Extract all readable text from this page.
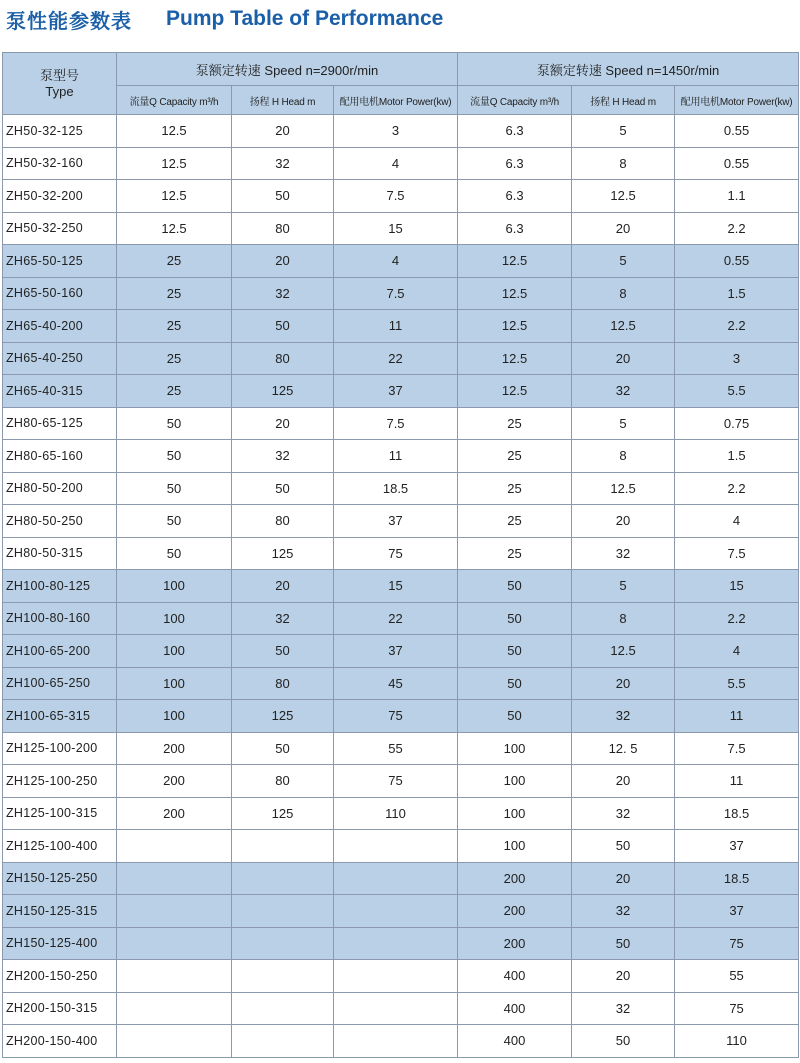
泵性能参数表 Pump Table of Performance
泵型号
Type	泵额定转速 Speed n=2900r/min			泵额定转速 Speed n=1450r/min		
	流量Q Capacity m³/h	扬程 H Head m	配用电机Motor Power(kw)	流量Q Capacity m³/h	扬程 H Head m	配用电机Motor Power(kw)
ZH50-32-125	12.5	20	3	6.3	5	0.55
ZH50-32-160	12.5	32	4	6.3	8	0.55
ZH50-32-200	12.5	50	7.5	6.3	12.5	1.1
ZH50-32-250	12.5	80	15	6.3	20	2.2
ZH65-50-125	25	20	4	12.5	5	0.55
ZH65-50-160	25	32	7.5	12.5	8	1.5
ZH65-40-200	25	50	11	12.5	12.5	2.2
ZH65-40-250	25	80	22	12.5	20	3
ZH65-40-315	25	125	37	12.5	32	5.5
ZH80-65-125	50	20	7.5	25	5	0.75
ZH80-65-160	50	32	11	25	8	1.5
ZH80-50-200	50	50	18.5	25	12.5	2.2
ZH80-50-250	50	80	37	25	20	4
ZH80-50-315	50	125	75	25	32	7.5
ZH100-80-125	100	20	15	50	5	15
ZH100-80-160	100	32	22	50	8	2.2
ZH100-65-200	100	50	37	50	12.5	4
ZH100-65-250	100	80	45	50	20	5.5
ZH100-65-315	100	125	75	50	32	11
ZH125-100-200	200	50	55	100	12. 5	7.5
ZH125-100-250	200	80	75	100	20	11
ZH125-100-315	200	125	110	100	32	18.5
ZH125-100-400				100	50	37
ZH150-125-250				200	20	18.5
ZH150-125-315				200	32	37
ZH150-125-400				200	50	75
ZH200-150-250				400	20	55
ZH200-150-315				400	32	75
ZH200-150-400				400	50	110
